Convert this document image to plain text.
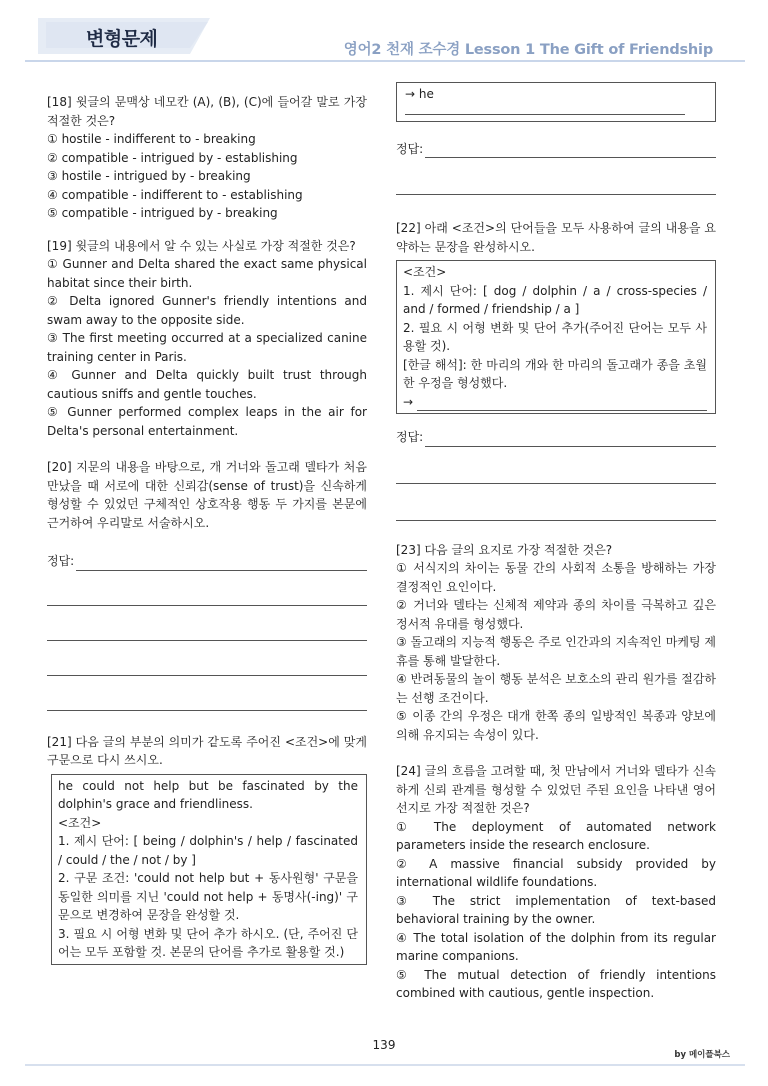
변형문제	영어2 천재 조수경 Lesson 1 The Gift of Friendship
[18] 윗글의 문맥상 네모칸 (A), (B), (C)에 들어갈 말로 가장 적절한 것은?
① hostile - indifferent to - breaking
② compatible - intrigued by - establishing
③ hostile - intrigued by - breaking
④ compatible - indifferent to - establishing
⑤ compatible - intrigued by - breaking
[19] 윗글의 내용에서 알 수 있는 사실로 가장 적절한 것은?
① Gunner and Delta shared the exact same physical habitat since their birth.
② Delta ignored Gunner's friendly intentions and swam away to the opposite side.
③ The first meeting occurred at a specialized canine training center in Paris.
④ Gunner and Delta quickly built trust through cautious sniffs and gentle touches.
⑤ Gunner performed complex leaps in the air for Delta's personal entertainment.
[20] 지문의 내용을 바탕으로, 개 거너와 돌고래 델타가 처음 만났을 때 서로에 대한 신뢰감(sense of trust)을 신속하게 형성할 수 있었던 구체적인 상호작용 행동 두 가지를 본문에 근거하여 우리말로 서술하시오.
정답:
[21] 다음 글의 부분의 의미가 같도록 주어진 <조건>에 맞게 구문으로 다시 쓰시오.
he could not help but be fascinated by the dolphin's grace and friendliness.
<조건>
1. 제시 단어: [ being / dolphin's / help / fascinated / could / the / not / by ]
2. 구문 조건: 'could not help but + 동사원형' 구문을 동일한 의미를 지닌 'could not help + 동명사(-ing)' 구문으로 변경하여 문장을 완성할 것.
3. 필요 시 어형 변화 및 단어 추가 하시오. (단, 주어진 단어는 모두 포함할 것. 본문의 단어를 추가로 활용할 것.)
→ he
정답:
[22] 아래 <조건>의 단어들을 모두 사용하여 글의 내용을 요약하는 문장을 완성하시오.
<조건>
1. 제시 단어: [ dog / dolphin / a / cross-species / and / formed / friendship / a ]
2. 필요 시 어형 변화 및 단어 추가(주어진 단어는 모두 사용할 것).
[한글 해석]: 한 마리의 개와 한 마리의 돌고래가 종을 초월한 우정을 형성했다.
→
정답:
[23] 다음 글의 요지로 가장 적절한 것은?
① 서식지의 차이는 동물 간의 사회적 소통을 방해하는 가장 결정적인 요인이다.
② 거너와 델타는 신체적 제약과 종의 차이를 극복하고 깊은 정서적 유대를 형성했다.
③ 돌고래의 지능적 행동은 주로 인간과의 지속적인 마케팅 제휴를 통해 발달한다.
④ 반려동물의 놀이 행동 분석은 보호소의 관리 원가를 절감하는 선행 조건이다.
⑤ 이종 간의 우정은 대개 한쪽 종의 일방적인 복종과 양보에 의해 유지되는 속성이 있다.
[24] 글의 흐름을 고려할 때, 첫 만남에서 거너와 델타가 신속하게 신뢰 관계를 형성할 수 있었던 주된 요인을 나타낸 영어 선지로 가장 적절한 것은?
① The deployment of automated network parameters inside the research enclosure.
② A massive financial subsidy provided by international wildlife foundations.
③ The strict implementation of text-based behavioral training by the owner.
④ The total isolation of the dolphin from its regular marine companions.
⑤ The mutual detection of friendly intentions combined with cautious, gentle inspection.
139
by 메이플북스
